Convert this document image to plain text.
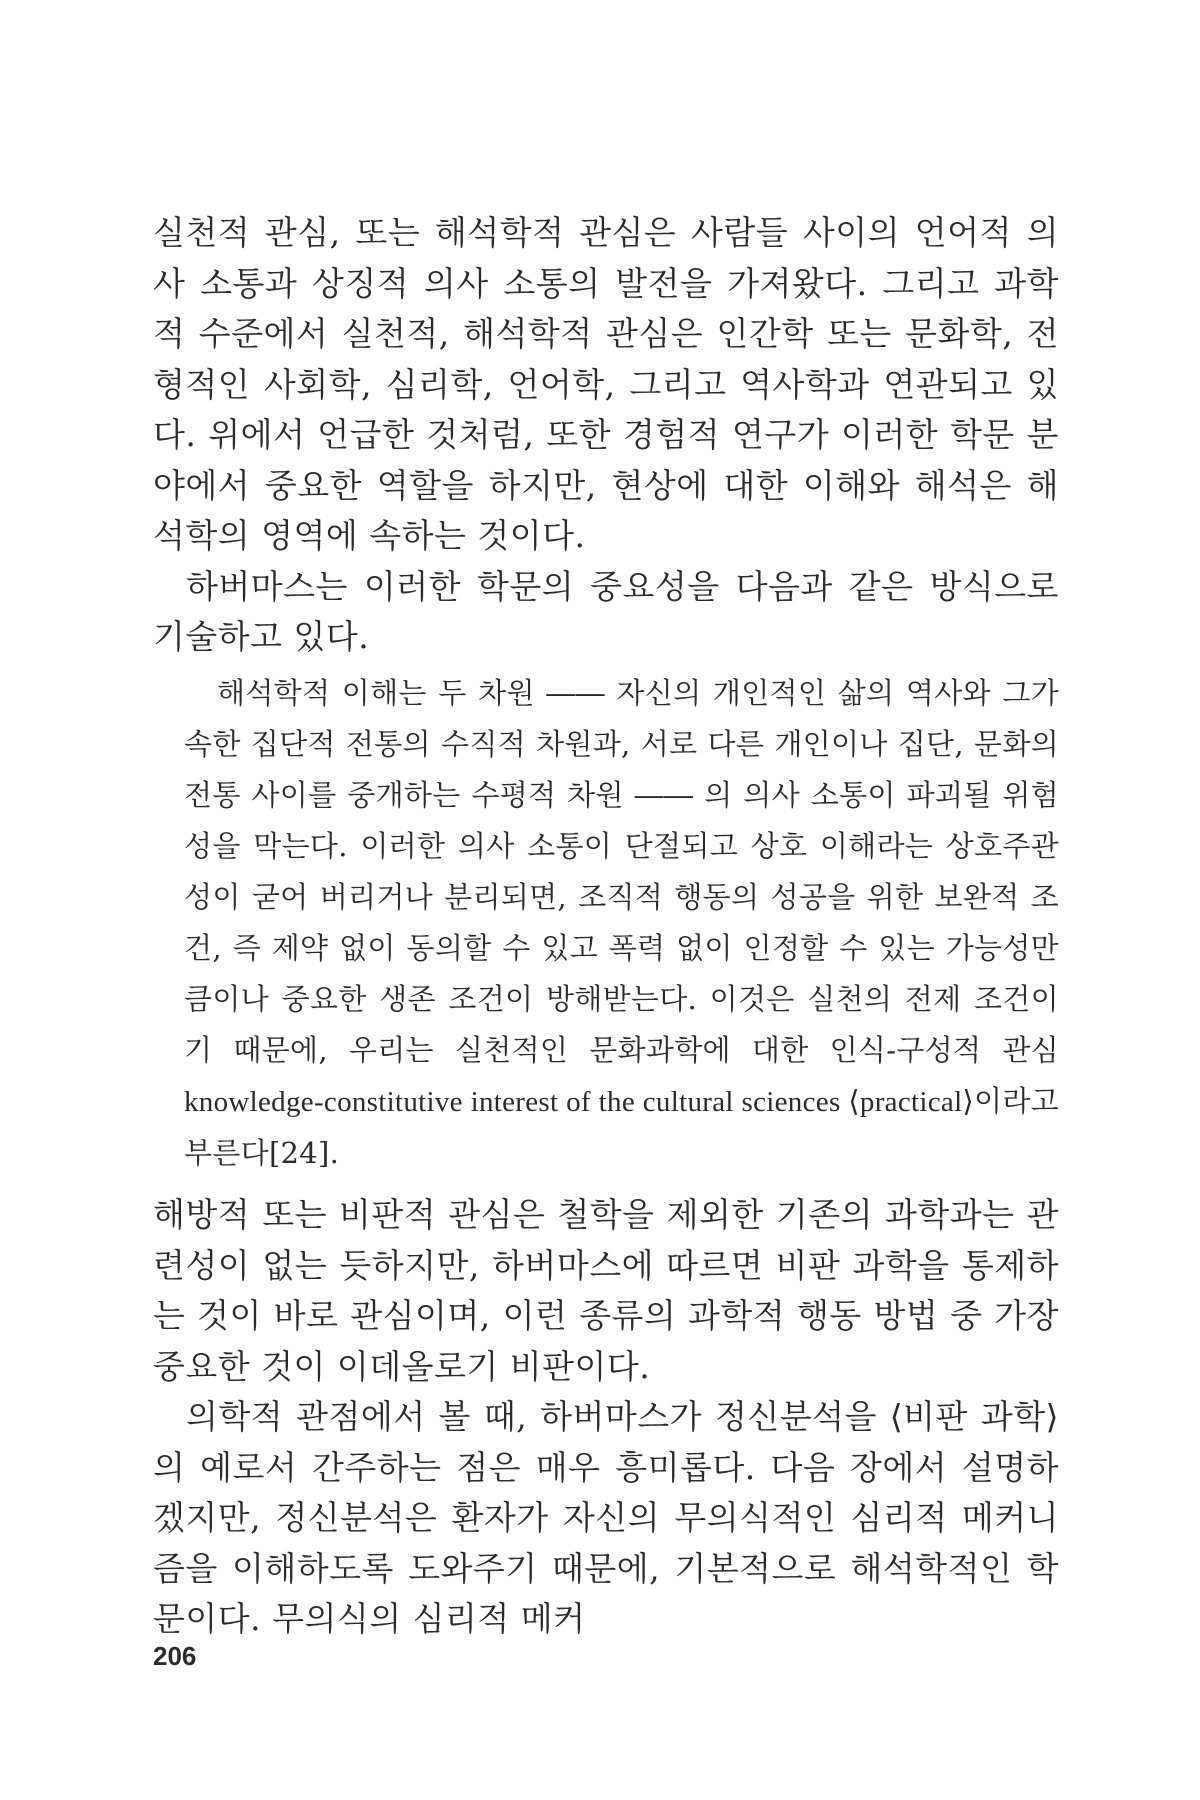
실천적 관심, 또는 해석학적 관심은 사람들 사이의 언어적 의사 소통과 상징적 의사 소통의 발전을 가져왔다. 그리고 과학적 수준에서 실천적, 해석학적 관심은 인간학 또는 문화학, 전형적인 사회학, 심리학, 언어학, 그리고 역사학과 연관되고 있다. 위에서 언급한 것처럼, 또한 경험적 연구가 이러한 학문 분야에서 중요한 역할을 하지만, 현상에 대한 이해와 해석은 해석학의 영역에 속하는 것이다.

하버마스는 이러한 학문의 중요성을 다음과 같은 방식으로 기술하고 있다.

해석학적 이해는 두 차원 ―― 자신의 개인적인 삶의 역사와 그가 속한 집단적 전통의 수직적 차원과, 서로 다른 개인이나 집단, 문화의 전통 사이를 중개하는 수평적 차원 ―― 의 의사 소통이 파괴될 위험성을 막는다. 이러한 의사 소통이 단절되고 상호 이해라는 상호주관성이 굳어 버리거나 분리되면, 조직적 행동의 성공을 위한 보완적 조건, 즉 제약 없이 동의할 수 있고 폭력 없이 인정할 수 있는 가능성만큼이나 중요한 생존 조건이 방해받는다. 이것은 실천의 전제 조건이기 때문에, 우리는 실천적인 문화과학에 대한 인식-구성적 관심 knowledge-constitutive interest of the cultural sciences ⟨practical⟩이라고 부른다[24].

해방적 또는 비판적 관심은 철학을 제외한 기존의 과학과는 관련성이 없는 듯하지만, 하버마스에 따르면 비판 과학을 통제하는 것이 바로 관심이며, 이런 종류의 과학적 행동 방법 중 가장 중요한 것이 이데올로기 비판이다.

의학적 관점에서 볼 때, 하버마스가 정신분석을 ⟨비판 과학⟩의 예로서 간주하는 점은 매우 흥미롭다. 다음 장에서 설명하겠지만, 정신분석은 환자가 자신의 무의식적인 심리적 메커니즘을 이해하도록 도와주기 때문에, 기본적으로 해석학적인 학문이다. 무의식의 심리적 메커

206
